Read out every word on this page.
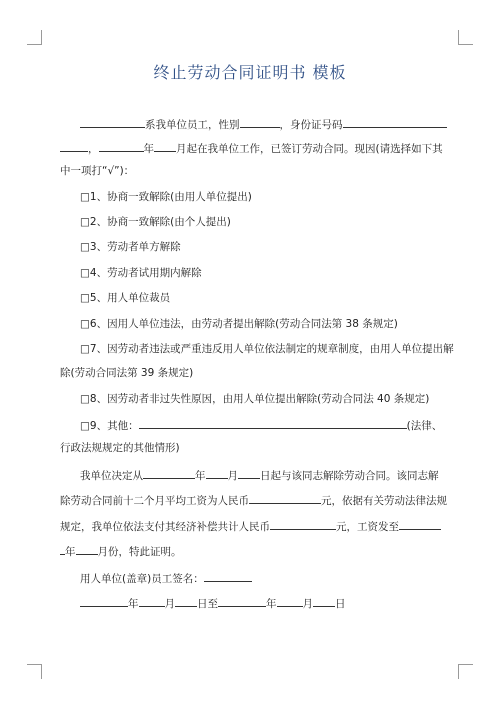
终止劳动合同证明书 模板
系我单位员工，性别	，身份证号码
，	年 月起在我单位工作，已签订劳动合同。现因(请选择如下其
中一项打“√”)：
□1、协商一致解除(由用人单位提出)
□2、协商一致解除(由个人提出)
□3、劳动者单方解除
□4、劳动者试用期内解除
□5、用人单位裁员
□6、因用人单位违法，由劳动者提出解除(劳动合同法第 38 条规定)
□7、因劳动者违法或严重违反用人单位依法制定的规章制度，由用人单位提出解
除(劳动合同法第 39 条规定)
□8、因劳动者非过失性原因，由用人单位提出解除(劳动合同法 40 条规定)
□9、其他：	(法律、
行政法规规定的其他情形)
我单位决定从	年 月 日起与该同志解除劳动合同。该同志解
除劳动合同前十二个月平均工资为人民币	元，依据有关劳动法律法规
规定，我单位依法支付其经济补偿共计人民币	元，工资发至
年 月份，特此证明。
用人单位(盖章)员工签名：
年 月 日至	年 月 日
